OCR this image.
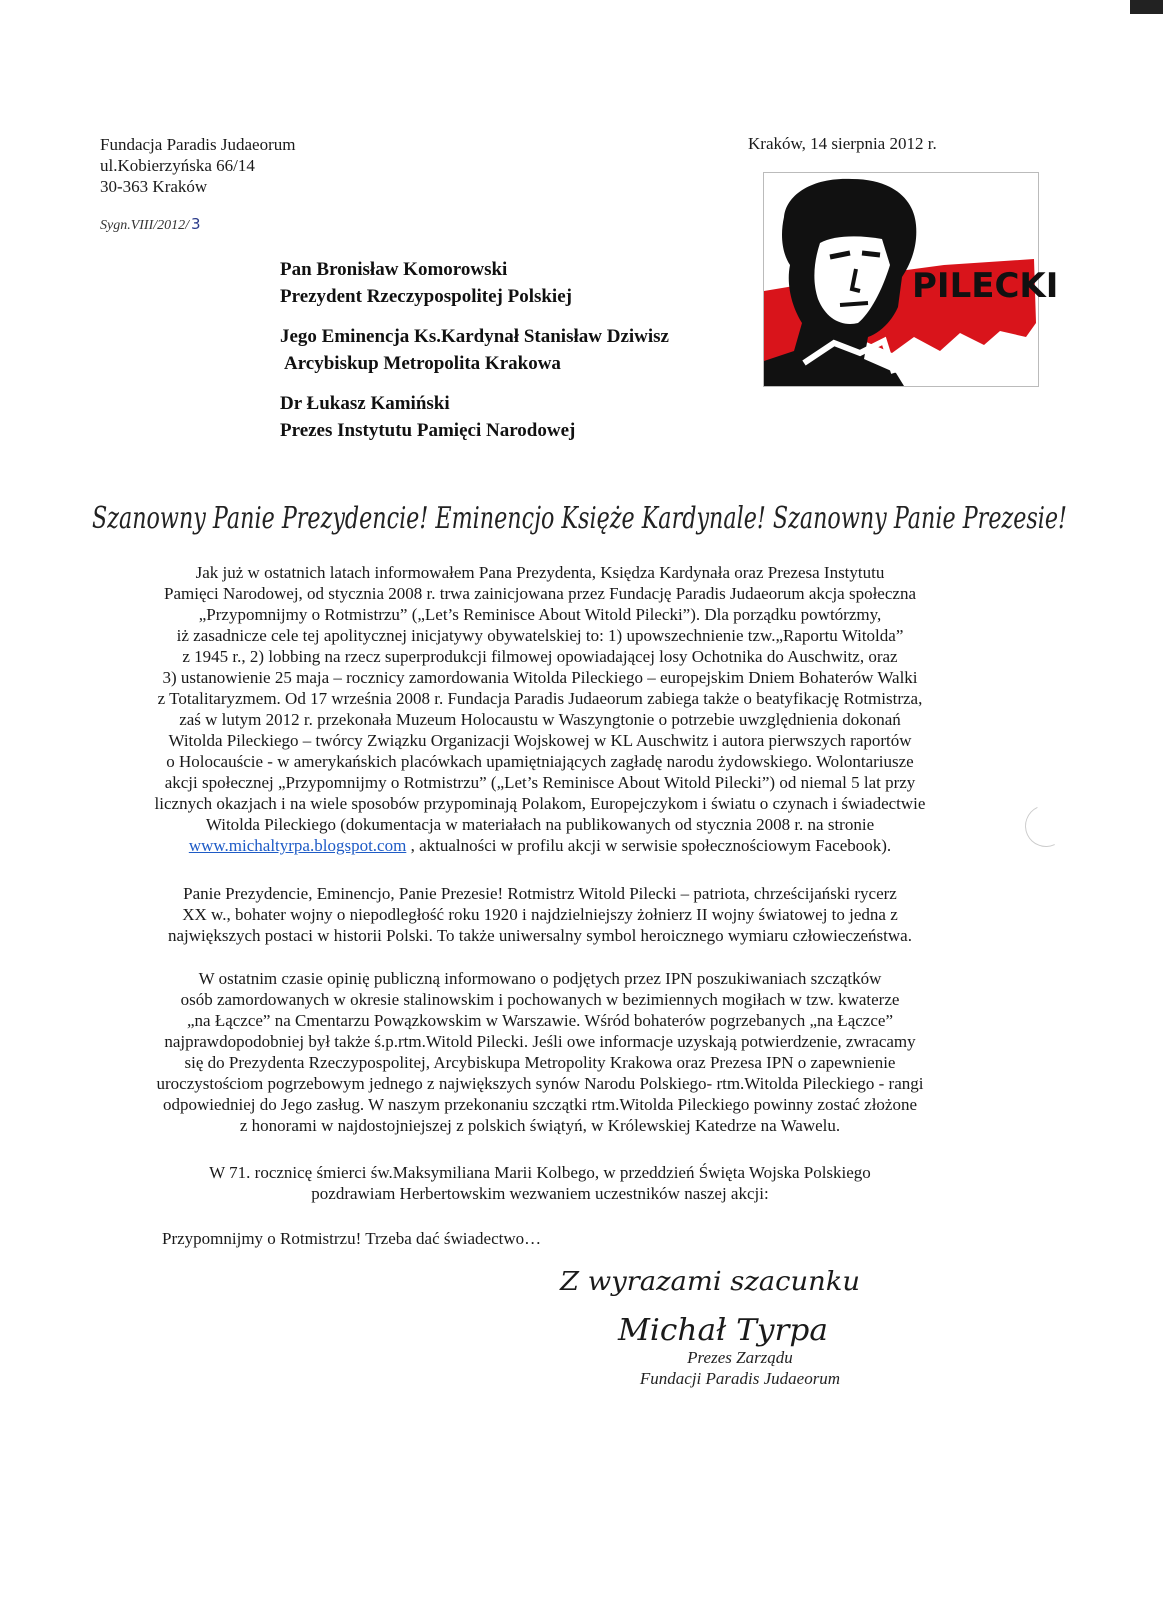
Fundacja Paradis Judaeorum
ul.Kobierzyńska 66/14
30-363 Kraków
Sygn.VIII/2012/ 3
Kraków, 14 sierpnia 2012 r.
PILECKI
Pan Bronisław Komorowski
Prezydent Rzeczypospolitej Polskiej
Jego Eminencja Ks.Kardynał Stanisław Dziwisz
Arcybiskup Metropolita Krakowa
Dr Łukasz Kamiński
Prezes Instytutu Pamięci Narodowej
Szanowny Panie Prezydencie! Eminencjo Księże Kardynale! Szanowny Panie Prezesie!

Jak już w ostatnich latach informowałem Pana Prezydenta, Księdza Kardynała oraz Prezesa Instytutu

Pamięci Narodowej, od stycznia 2008 r. trwa zainicjowana przez Fundację Paradis Judaeorum akcja społeczna

„Przypomnijmy o Rotmistrzu” („Let’s Reminisce About Witold Pilecki”). Dla porządku powtórzmy,

iż zasadnicze cele tej apolitycznej inicjatywy obywatelskiej to: 1) upowszechnienie tzw.„Raportu Witolda”

z 1945 r., 2) lobbing na rzecz superprodukcji filmowej opowiadającej losy Ochotnika do Auschwitz, oraz

3) ustanowienie 25 maja – rocznicy zamordowania Witolda Pileckiego – europejskim Dniem Bohaterów Walki

z Totalitaryzmem. Od 17 września 2008 r. Fundacja Paradis Judaeorum zabiega także o beatyfikację Rotmistrza,

zaś w lutym 2012 r. przekonała Muzeum Holocaustu w Waszyngtonie o potrzebie uwzględnienia dokonań

Witolda Pileckiego – twórcy Związku Organizacji Wojskowej w KL Auschwitz i autora pierwszych raportów

o Holocauście - w amerykańskich placówkach upamiętniających zagładę narodu żydowskiego. Wolontariusze

akcji społecznej „Przypomnijmy o Rotmistrzu” („Let’s Reminisce About Witold Pilecki”) od niemal 5 lat przy

licznych okazjach i na wiele sposobów przypominają Polakom, Europejczykom i światu o czynach i świadectwie

Witolda Pileckiego (dokumentacja w materiałach na publikowanych od stycznia 2008 r. na stronie

www.michaltyrpa.blogspot.com , aktualności w profilu akcji w serwisie społecznościowym Facebook).

Panie Prezydencie, Eminencjo, Panie Prezesie! Rotmistrz Witold Pilecki – patriota, chrześcijański rycerz

XX w., bohater wojny o niepodległość roku 1920 i najdzielniejszy żołnierz II wojny światowej to jedna z

największych postaci w historii Polski. To także uniwersalny symbol heroicznego wymiaru człowieczeństwa.

W ostatnim czasie opinię publiczną informowano o podjętych przez IPN poszukiwaniach szczątków

osób zamordowanych w okresie stalinowskim i pochowanych w bezimiennych mogiłach w tzw. kwaterze

„na Łączce” na Cmentarzu Powązkowskim w Warszawie. Wśród bohaterów pogrzebanych „na Łączce”

najprawdopodobniej był także ś.p.rtm.Witold Pilecki. Jeśli owe informacje uzyskają potwierdzenie, zwracamy

się do Prezydenta Rzeczypospolitej, Arcybiskupa Metropolity Krakowa oraz Prezesa IPN o zapewnienie

uroczystościom pogrzebowym jednego z największych synów Narodu Polskiego- rtm.Witolda Pileckiego - rangi

odpowiedniej do Jego zasług. W naszym przekonaniu szczątki rtm.Witolda Pileckiego powinny zostać złożone

z honorami w najdostojniejszej z polskich świątyń, w Królewskiej Katedrze na Wawelu.

W 71. rocznicę śmierci św.Maksymiliana Marii Kolbego, w przeddzień Święta Wojska Polskiego

pozdrawiam Herbertowskim wezwaniem uczestników naszej akcji:

Przypomnijmy o Rotmistrzu! Trzeba dać świadectwo…
Z wyrazami szacunku
Michał Tyrpa
Prezes Zarządu
Fundacji Paradis Judaeorum
